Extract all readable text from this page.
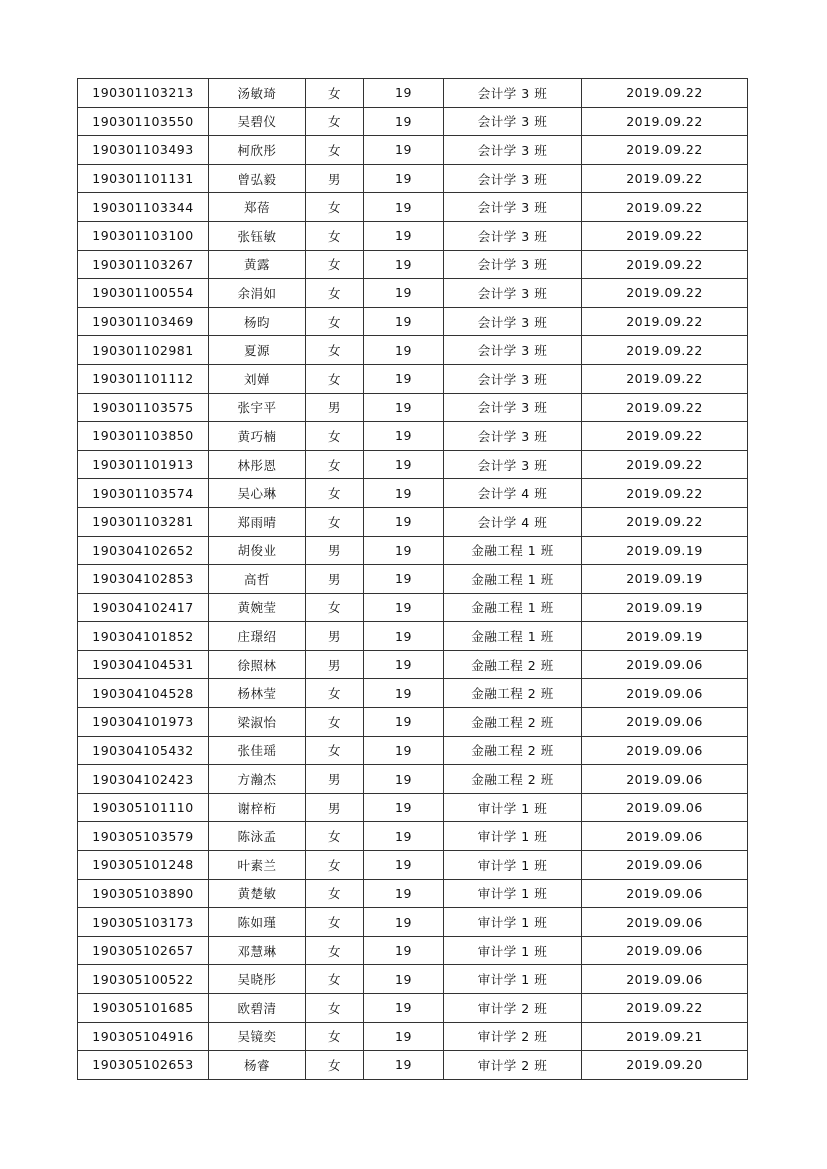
190301103213	汤敏琦	女	19	会计学 3 班	2019.09.22
190301103550	吴碧仪	女	19	会计学 3 班	2019.09.22
190301103493	柯欣彤	女	19	会计学 3 班	2019.09.22
190301101131	曾弘毅	男	19	会计学 3 班	2019.09.22
190301103344	郑蓓	女	19	会计学 3 班	2019.09.22
190301103100	张钰敏	女	19	会计学 3 班	2019.09.22
190301103267	黄露	女	19	会计学 3 班	2019.09.22
190301100554	余涓如	女	19	会计学 3 班	2019.09.22
190301103469	杨昀	女	19	会计学 3 班	2019.09.22
190301102981	夏源	女	19	会计学 3 班	2019.09.22
190301101112	刘婵	女	19	会计学 3 班	2019.09.22
190301103575	张宇平	男	19	会计学 3 班	2019.09.22
190301103850	黄巧楠	女	19	会计学 3 班	2019.09.22
190301101913	林彤恩	女	19	会计学 3 班	2019.09.22
190301103574	吴心琳	女	19	会计学 4 班	2019.09.22
190301103281	郑雨晴	女	19	会计学 4 班	2019.09.22
190304102652	胡俊业	男	19	金融工程 1 班	2019.09.19
190304102853	高哲	男	19	金融工程 1 班	2019.09.19
190304102417	黄婉莹	女	19	金融工程 1 班	2019.09.19
190304101852	庄璟绍	男	19	金融工程 1 班	2019.09.19
190304104531	徐照林	男	19	金融工程 2 班	2019.09.06
190304104528	杨林莹	女	19	金融工程 2 班	2019.09.06
190304101973	梁淑怡	女	19	金融工程 2 班	2019.09.06
190304105432	张佳瑶	女	19	金融工程 2 班	2019.09.06
190304102423	方瀚杰	男	19	金融工程 2 班	2019.09.06
190305101110	谢梓桁	男	19	审计学 1 班	2019.09.06
190305103579	陈泳孟	女	19	审计学 1 班	2019.09.06
190305101248	叶素兰	女	19	审计学 1 班	2019.09.06
190305103890	黄楚敏	女	19	审计学 1 班	2019.09.06
190305103173	陈如瑾	女	19	审计学 1 班	2019.09.06
190305102657	邓慧琳	女	19	审计学 1 班	2019.09.06
190305100522	吴晓彤	女	19	审计学 1 班	2019.09.06
190305101685	欧碧清	女	19	审计学 2 班	2019.09.22
190305104916	吴镜奕	女	19	审计学 2 班	2019.09.21
190305102653	杨睿	女	19	审计学 2 班	2019.09.20
